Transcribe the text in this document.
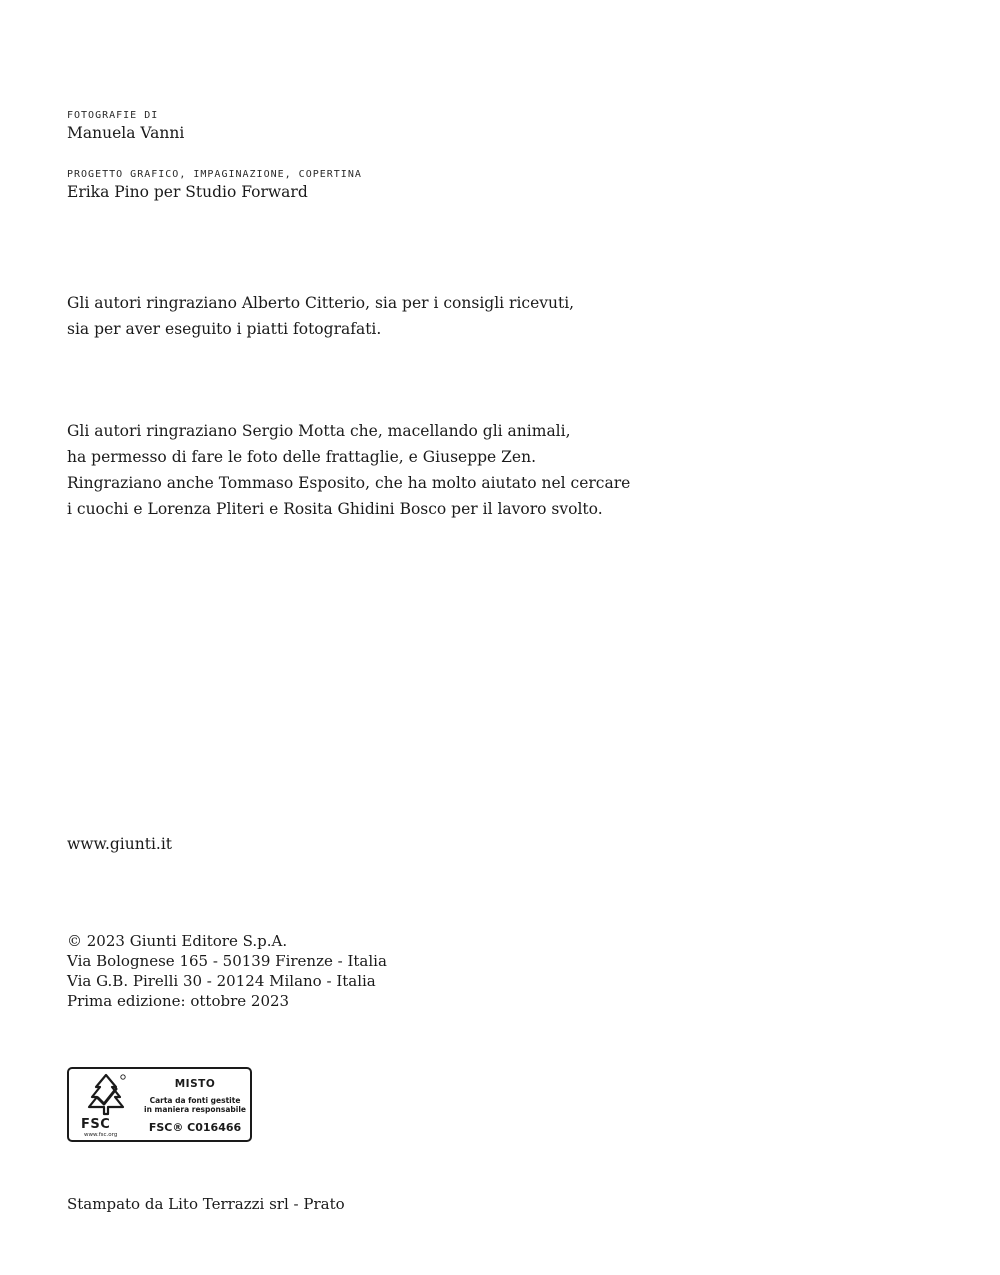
FOTOGRAFIE DI
Manuela Vanni
PROGETTO GRAFICO, IMPAGINAZIONE, COPERTINA
Erika Pino per Studio Forward
Gli autori ringraziano Alberto Citterio, sia per i consigli ricevuti,
sia per aver eseguito i piatti fotografati.
Gli autori ringraziano Sergio Motta che, macellando gli animali,
ha permesso di fare le foto delle frattaglie, e Giuseppe Zen.
Ringraziano anche Tommaso Esposito, che ha molto aiutato nel cercare
i cuochi e Lorenza Pliteri e Rosita Ghidini Bosco per il lavoro svolto.
www.giunti.it
© 2023 Giunti Editore S.p.A.
Via Bolognese 165 - 50139 Firenze - Italia
Via G.B. Pirelli 30 - 20124 Milano - Italia
Prima edizione: ottobre 2023
FSC
www.fsc.org
MISTO
Carta da fonti gestite
in maniera responsabile
FSC® C016466
Stampato da Lito Terrazzi srl - Prato
